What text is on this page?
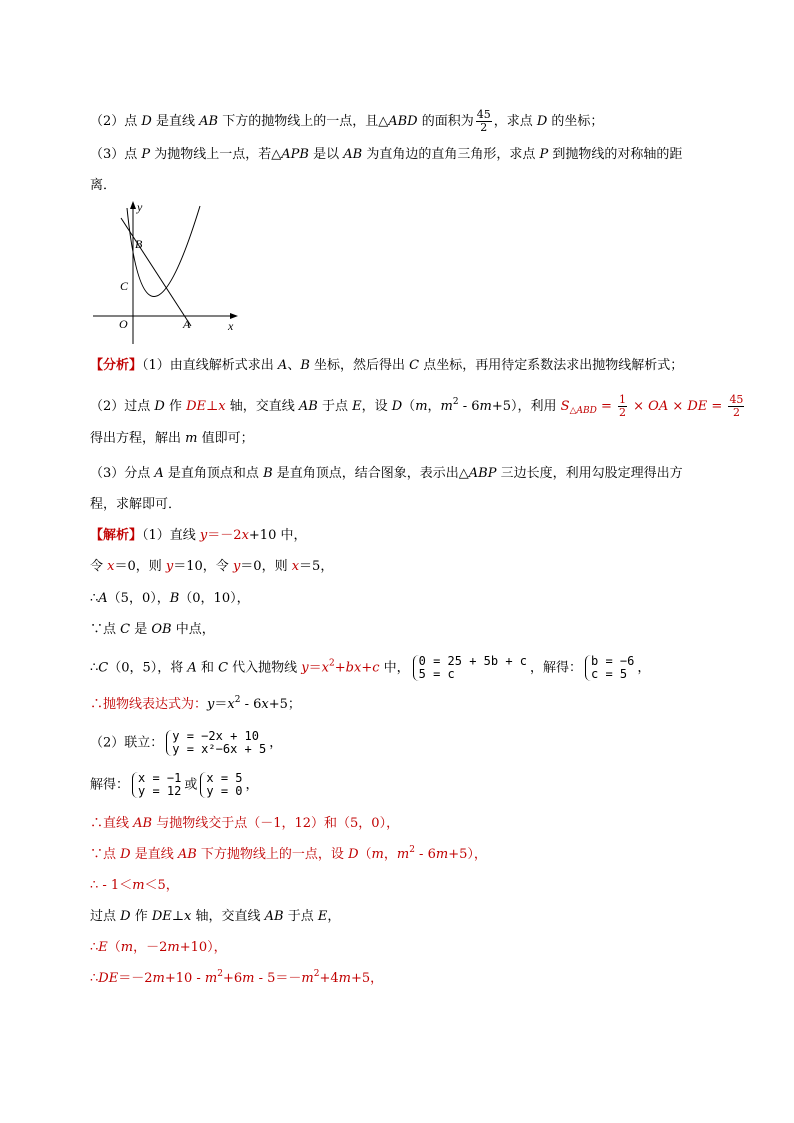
（2）点 D 是直线 AB 下方的抛物线上的一点，且△ABD 的面积为 $\frac{45}{2}$ ，求点 D 的坐标；
（3）点 P 为抛物线上一点，若△APB 是以 AB 为直角边的直角三角形，求点 P 到抛物线的对称轴的距
离．
y
B
C
O	A	x
【分析】（1）由直线解析式求出 A、B 坐标，然后得出 C 点坐标，再用待定系数法求出抛物线解析式；
（2）过点 D 作 DE⊥x 轴，交直线 AB 于点 E，设 D（m，$m^2 - 6m+5$），利用 $S_{\triangle ABD} = \frac{1}{2}$ × OA × DE = $\frac{45}{2}$
得出方程，解出 m 值即可；
（3）分点 A 是直角顶点和点 B 是直角顶点，结合图象，表示出△ABP 三边长度，利用勾股定理得出方
程，求解即可．
【解析】（1）直线 y＝－2x+10 中，
令 x＝0，则 y＝10，令 y＝0，则 x＝5，
∴A（5，0），B（0，10），
∵点 C 是 OB 中点，
∴C（0，5），将 A 和 C 代入抛物线 $y=x^2+bx+c$ 中， 0 = 25 + 5b + c
5 = c	，解得： b = −6
c = 5 ，
∴抛物线表达式为：$y=x^2 - 6x+5$；
（2）联立： y = −2x + 10
y = x²−6x + 5 ，
解得： x = −1
y = 12 或 x = 5
y = 0 ，
∴直线 AB 与抛物线交于点（－1，12）和（5，0），
∵点 D 是直线 AB 下方抛物线上的一点，设 D（m，$m^2 - 6m+5$），
∴ - 1＜m＜5，
过点 D 作 DE⊥x 轴，交直线 AB 于点 E，
∴E（m，－2m+10），
∴DE＝－2m+10 - $m^2+6m - 5=-m^2+4m+5$，
